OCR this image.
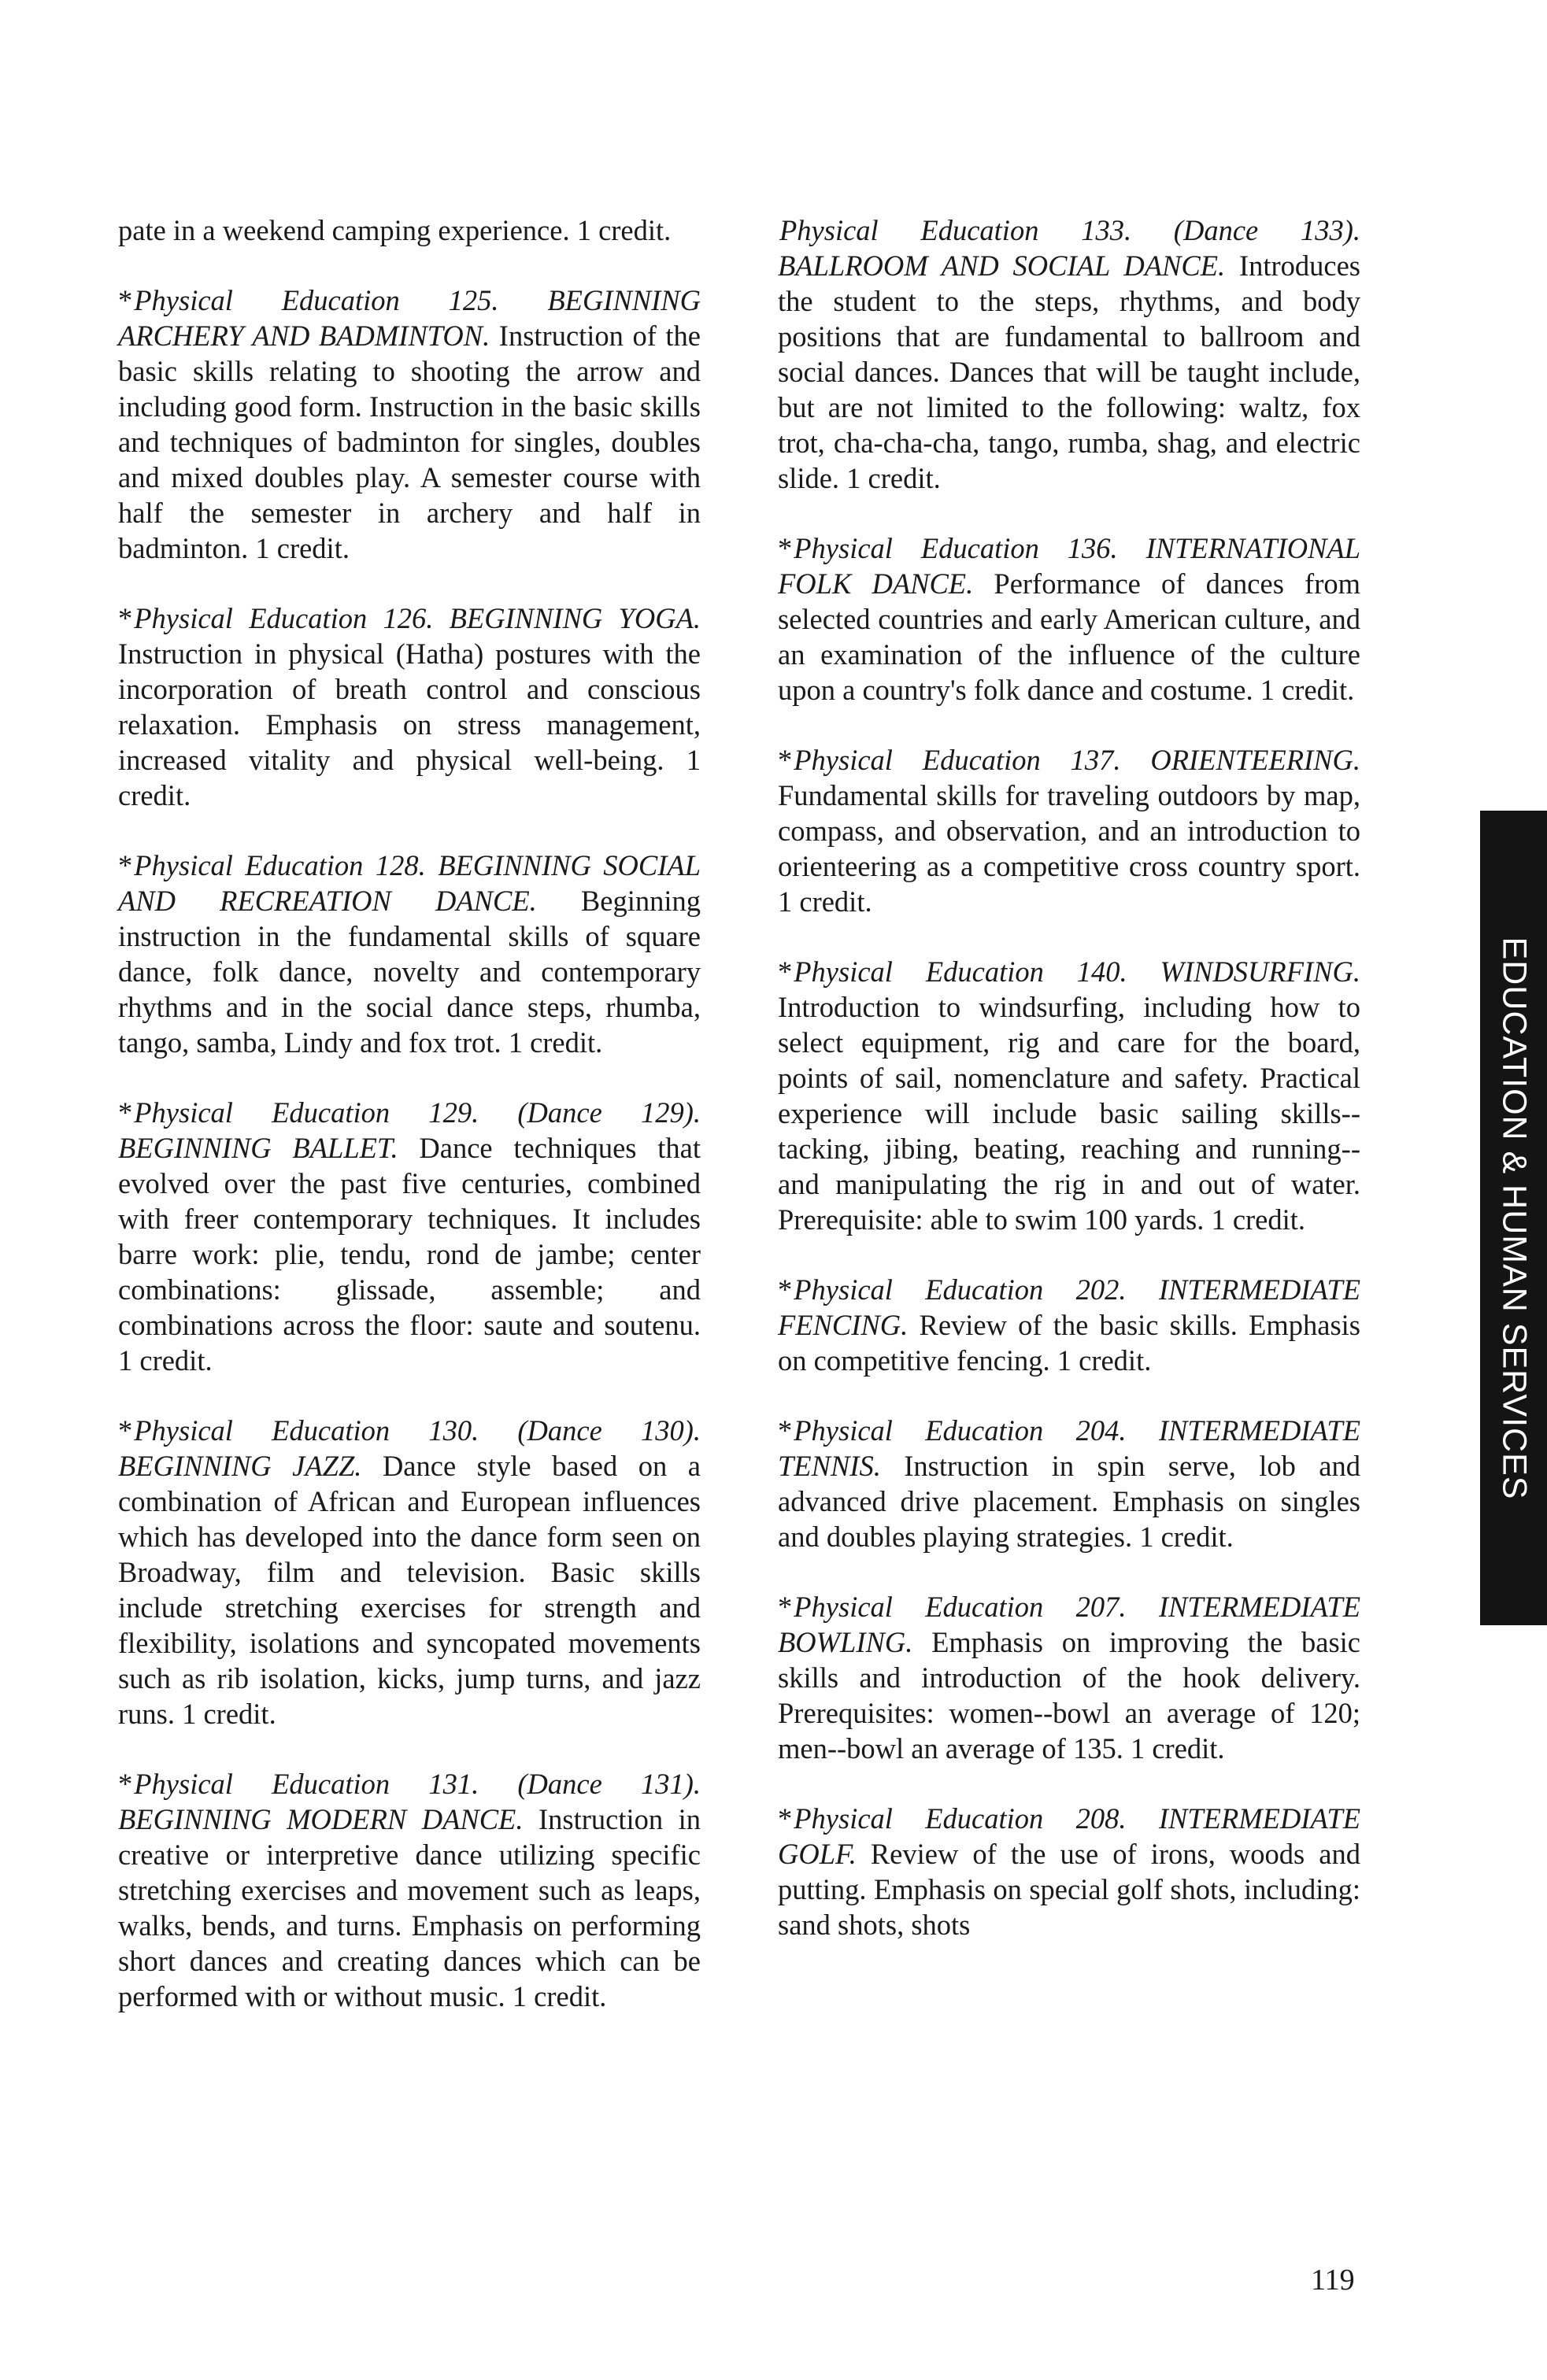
pate in a weekend camping experience. 1 credit.

*Physical Education 125. BEGINNING ARCHERY AND BADMINTON. Instruction of the basic skills relating to shooting the arrow and including good form. Instruction in the basic skills and techniques of badminton for singles, doubles and mixed doubles play. A semester course with half the semester in archery and half in badminton. 1 credit.

*Physical Education 126. BEGINNING YOGA. Instruction in physical (Hatha) postures with the incorporation of breath control and conscious relaxation. Emphasis on stress management, increased vitality and physical well-being. 1 credit.

*Physical Education 128. BEGINNING SOCIAL AND RECREATION DANCE. Beginning instruction in the fundamental skills of square dance, folk dance, novelty and contemporary rhythms and in the social dance steps, rhumba, tango, samba, Lindy and fox trot. 1 credit.

*Physical Education 129. (Dance 129). BEGINNING BALLET. Dance techniques that evolved over the past five centuries, combined with freer contemporary techniques. It includes barre work: plie, tendu, rond de jambe; center combinations: glissade, assemble; and combinations across the floor: saute and soutenu. 1 credit.

*Physical Education 130. (Dance 130). BEGINNING JAZZ. Dance style based on a combination of African and European influences which has developed into the dance form seen on Broadway, film and television. Basic skills include stretching exercises for strength and flexibility, isolations and syncopated movements such as rib isolation, kicks, jump turns, and jazz runs. 1 credit.

*Physical Education 131. (Dance 131). BEGINNING MODERN DANCE. Instruction in creative or interpretive dance utilizing specific stretching exercises and movement such as leaps, walks, bends, and turns. Emphasis on performing short dances and creating dances which can be performed with or without music. 1 credit.

Physical Education 133. (Dance 133). BALLROOM AND SOCIAL DANCE. Introduces the student to the steps, rhythms, and body positions that are fundamental to ballroom and social dances. Dances that will be taught include, but are not limited to the following: waltz, fox trot, cha-cha-cha, tango, rumba, shag, and electric slide. 1 credit.

*Physical Education 136. INTERNATIONAL FOLK DANCE. Performance of dances from selected countries and early American culture, and an examination of the influence of the culture upon a country's folk dance and costume. 1 credit.

*Physical Education 137. ORIENTEERING. Fundamental skills for traveling outdoors by map, compass, and observation, and an introduction to orienteering as a competitive cross country sport. 1 credit.

*Physical Education 140. WINDSURFING. Introduction to windsurfing, including how to select equipment, rig and care for the board, points of sail, nomenclature and safety. Practical experience will include basic sailing skills--tacking, jibing, beating, reaching and running--and manipulating the rig in and out of water. Prerequisite: able to swim 100 yards. 1 credit.

*Physical Education 202. INTERMEDIATE FENCING. Review of the basic skills. Emphasis on competitive fencing. 1 credit.

*Physical Education 204. INTERMEDIATE TENNIS. Instruction in spin serve, lob and advanced drive placement. Emphasis on singles and doubles playing strategies. 1 credit.

*Physical Education 207. INTERMEDIATE BOWLING. Emphasis on improving the basic skills and introduction of the hook delivery. Prerequisites: women--bowl an average of 120; men--bowl an average of 135. 1 credit.

*Physical Education 208. INTERMEDIATE GOLF. Review of the use of irons, woods and putting. Emphasis on special golf shots, including: sand shots, shots

EDUCATION & HUMAN SERVICES
119
